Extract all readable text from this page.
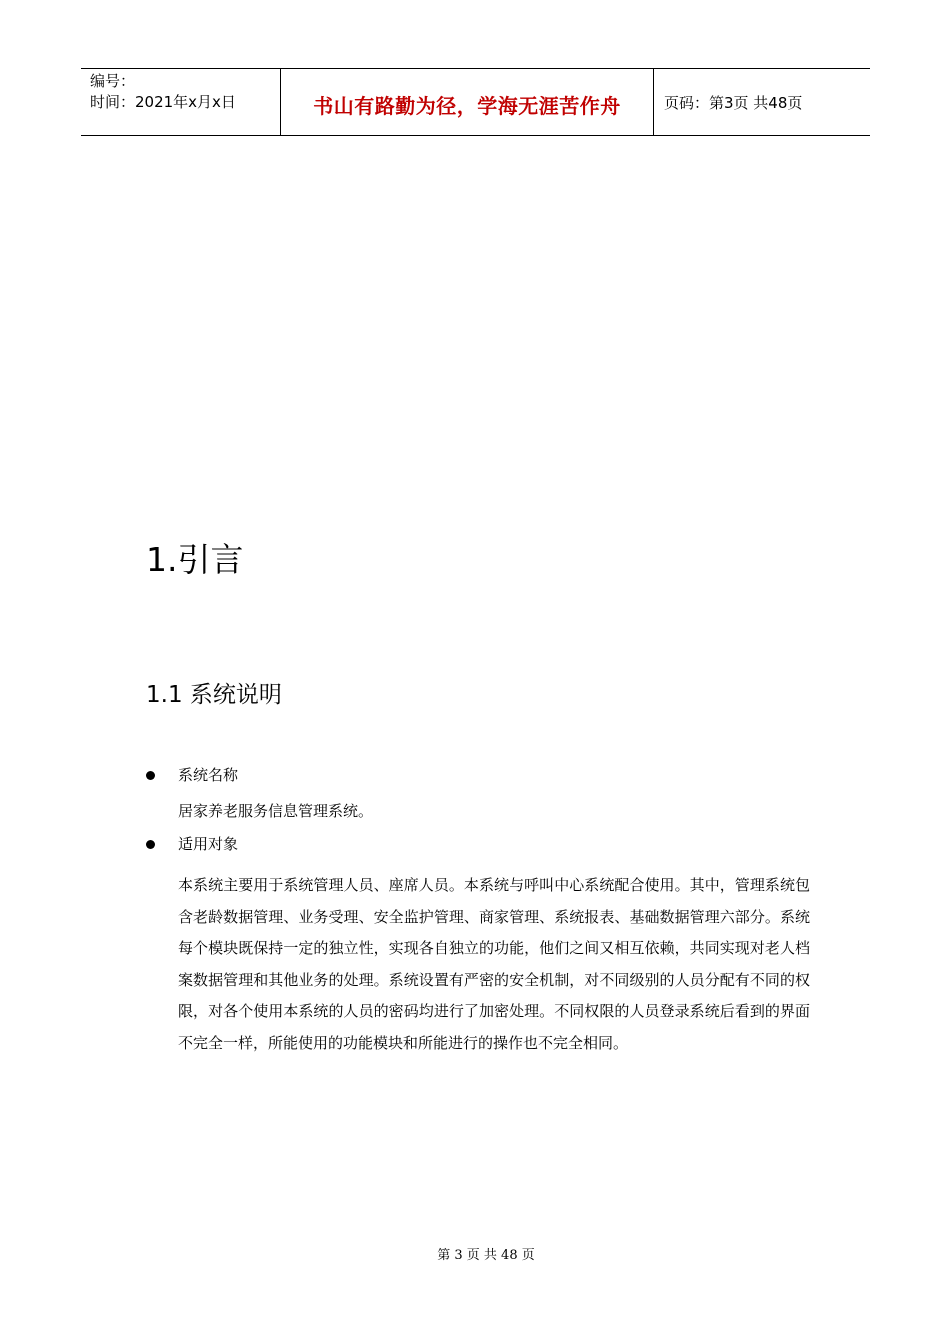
编号：
时间：2021年x月x日	书山有路勤为径，学海无涯苦作舟	页码：第3页 共48页
1.引言
1.1 系统说明
系统名称
居家养老服务信息管理系统。
适用对象
本系统主要用于系统管理人员、座席人员。本系统与呼叫中心系统配合使用。其中，管理系统包含老龄数据管理、业务受理、安全监护管理、商家管理、系统报表、基础数据管理六部分。系统每个模块既保持一定的独立性，实现各自独立的功能，他们之间又相互依赖，共同实现对老人档案数据管理和其他业务的处理。系统设置有严密的安全机制，对不同级别的人员分配有不同的权限，对各个使用本系统的人员的密码均进行了加密处理。不同权限的人员登录系统后看到的界面不完全一样，所能使用的功能模块和所能进行的操作也不完全相同。
第 3 页 共 48 页
